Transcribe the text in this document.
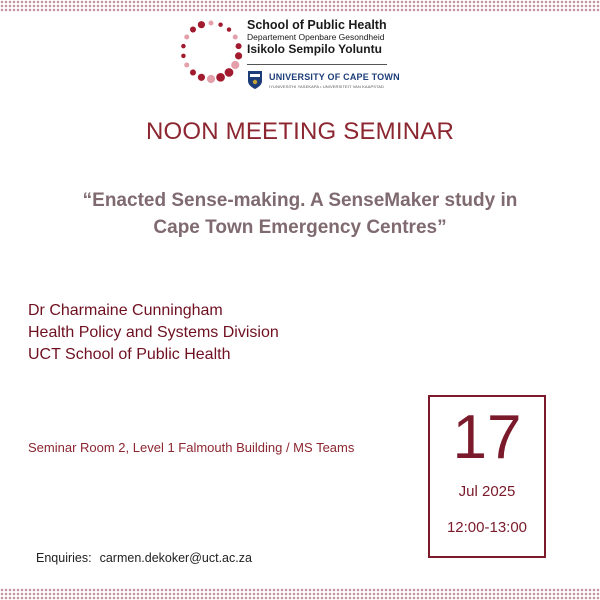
School of Public Health
Departement Openbare Gesondheid
Isikolo Sempilo Yoluntu
UNIVERSITY OF CAPE TOWN
IYUNIVESITHI YASEKAPA • UNIVERSITEIT VAN KAAPSTAD
NOON MEETING SEMINAR
“Enacted Sense-making. A SenseMaker study in
Cape Town Emergency Centres”
Dr Charmaine Cunningham
Health Policy and Systems Division
UCT School of Public Health
Seminar Room 2, Level 1 Falmouth Building / MS Teams	17
Jul 2025
12:00-13:00
Enquiries: carmen.dekoker@uct.ac.za
